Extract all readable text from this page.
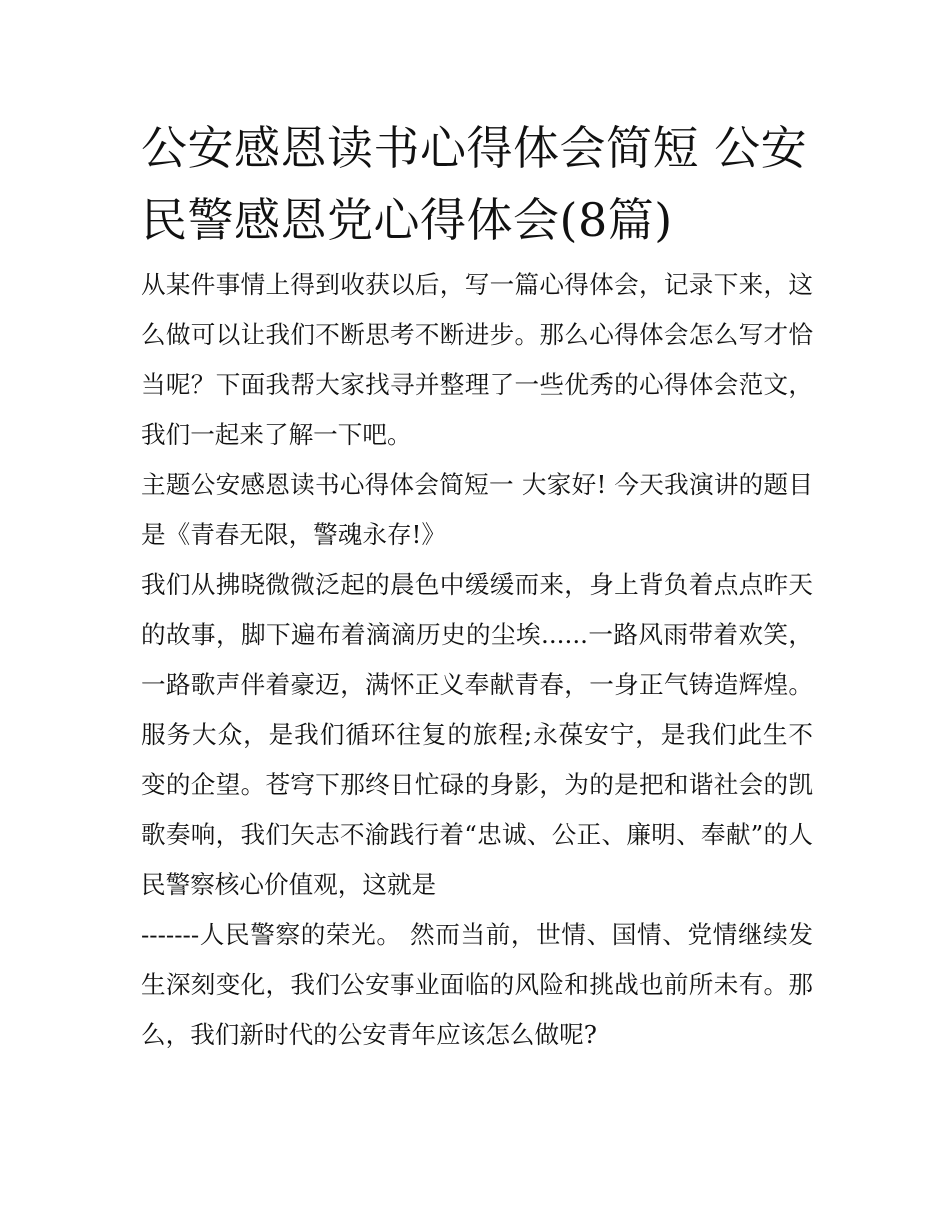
公安感恩读书心得体会简短 公安民警感恩党心得体会(8篇)

从某件事情上得到收获以后，写一篇心得体会，记录下来，这么做可以让我们不断思考不断进步。那么心得体会怎么写才恰当呢？下面我帮大家找寻并整理了一些优秀的心得体会范文，我们一起来了解一下吧。

主题公安感恩读书心得体会简短一 大家好! 今天我演讲的题目是《青春无限，警魂永存!》

我们从拂晓微微泛起的晨色中缓缓而来，身上背负着点点昨天的故事，脚下遍布着滴滴历史的尘埃......一路风雨带着欢笑，一路歌声伴着豪迈，满怀正义奉献青春，一身正气铸造辉煌。服务大众，是我们循环往复的旅程;永葆安宁，是我们此生不变的企望。苍穹下那终日忙碌的身影，为的是把和谐社会的凯歌奏响，我们矢志不渝践行着“忠诚、公正、廉明、奉献”的人民警察核心价值观，这就是

-------人民警察的荣光。 然而当前，世情、国情、党情继续发生深刻变化，我们公安事业面临的风险和挑战也前所未有。那么，我们新时代的公安青年应该怎么做呢?
